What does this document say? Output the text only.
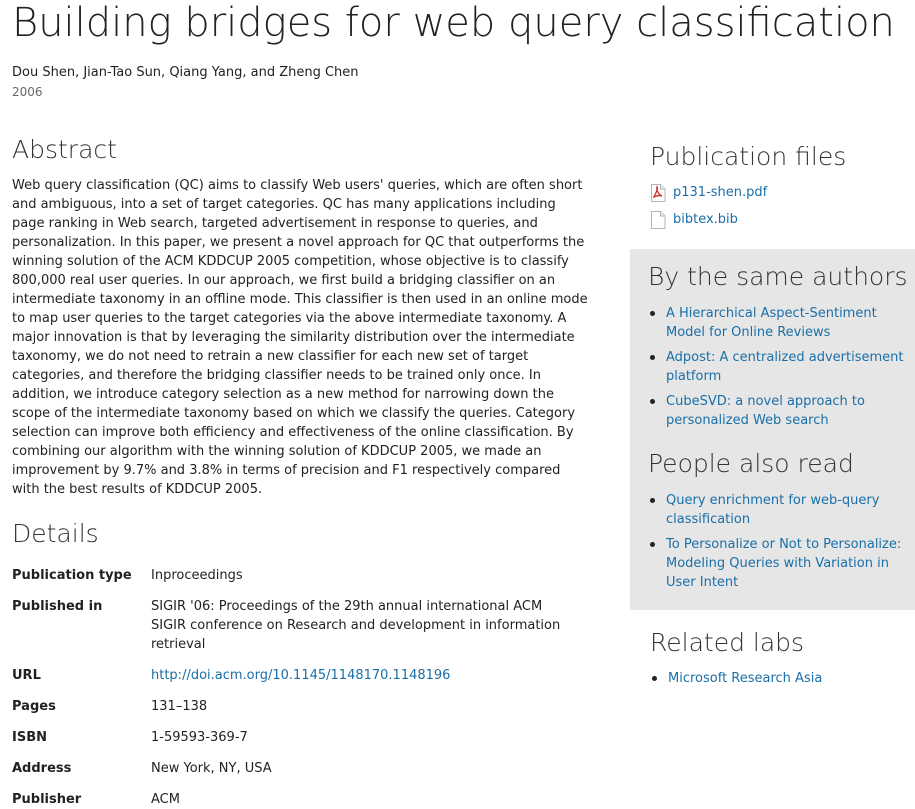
Building bridges for web query classification
Dou Shen, Jian-Tao Sun, Qiang Yang, and Zheng Chen
2006
Abstract

Web query classification (QC) aims to classify Web users' queries, which are often short and ambiguous, into a set of target categories. QC has many applications including page ranking in Web search, targeted advertisement in response to queries, and personalization. In this paper, we present a novel approach for QC that outperforms the winning solution of the ACM KDDCUP 2005 competition, whose objective is to classify 800,000 real user queries. In our approach, we first build a bridging classifier on an intermediate taxonomy in an offline mode. This classifier is then used in an online mode to map user queries to the target categories via the above intermediate taxonomy. A major innovation is that by leveraging the similarity distribution over the intermediate taxonomy, we do not need to retrain a new classifier for each new set of target categories, and therefore the bridging classifier needs to be trained only once. In addition, we introduce category selection as a new method for narrowing down the scope of the intermediate taxonomy based on which we classify the queries. Category selection can improve both efficiency and effectiveness of the online classification. By combining our algorithm with the winning solution of KDDCUP 2005, we made an improvement by 9.7% and 3.8% in terms of precision and F1 respectively compared with the best results of KDDCUP 2005.

Details
Publication type	Inproceedings
Published in	SIGIR '06: Proceedings of the 29th annual international ACM SIGIR conference on Research and development in information retrieval
URL	http://doi.acm.org/10.1145/1148170.1148196
Pages	131–138
ISBN	1-59593-369-7
Address	New York, NY, USA
Publisher	ACM
Publication files
p131-shen.pdf
bibtex.bib
By the same authors
A Hierarchical Aspect-Sentiment Model for Online Reviews
Adpost: A centralized advertisement platform
CubeSVD: a novel approach to personalized Web search
People also read
Query enrichment for web-query classification
To Personalize or Not to Personalize: Modeling Queries with Variation in User Intent
Related labs
Microsoft Research Asia
